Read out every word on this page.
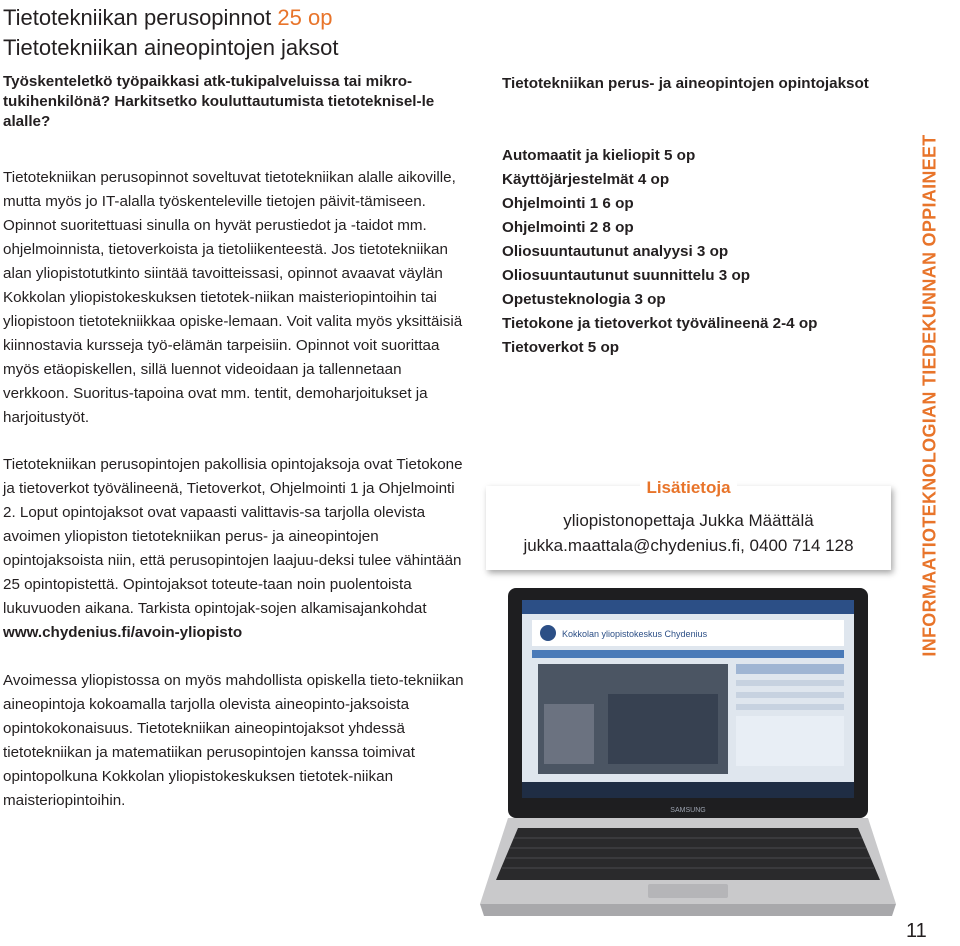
Tietotekniikan perusopinnot 25 op
Tietotekniikan aineopintojen jaksot
Työskenteletkö työpaikkasi atk-tukipalveluissa tai mikro-tukihenkilönä? Harkitsetko kouluttautumista tietoteknisel-le alalle?
Tietotekniikan perusopinnot soveltuvat tietotekniikan alalle aikoville, mutta myös jo IT-alalla työskenteleville tietojen päivit-tämiseen. Opinnot suoritettuasi sinulla on hyvät perustiedot ja -taidot mm. ohjelmoinnista, tietoverkoista ja tietoliikenteestä. Jos tietotekniikan alan yliopistotutkinto siintää tavoitteissasi, opinnot avaavat väylän Kokkolan yliopistokeskuksen tietotek-niikan maisteriopintoihin tai yliopistoon tietotekniikkaa opiske-lemaan. Voit valita myös yksittäisiä kiinnostavia kursseja työ-elämän tarpeisiin. Opinnot voit suorittaa myös etäopiskellen, sillä luennot videoidaan ja tallennetaan verkkoon. Suoritus-tapoina ovat mm. tentit, demoharjoitukset ja harjoitustyöt.
Tietotekniikan perusopintojen pakollisia opintojaksoja ovat Tietokone ja tietoverkot työvälineenä, Tietoverkot, Ohjelmointi 1 ja Ohjelmointi 2. Loput opintojaksot ovat vapaasti valittavis-sa tarjolla olevista avoimen yliopiston tietotekniikan perus- ja aineopintojen opintojaksoista niin, että perusopintojen laajuu-deksi tulee vähintään 25 opintopistettä. Opintojaksot toteute-taan noin puolentoista lukuvuoden aikana. Tarkista opintojak-sojen alkamisajankohdat www.chydenius.fi/avoin-yliopisto
Avoimessa yliopistossa on myös mahdollista opiskella tieto-tekniikan aineopintoja kokoamalla tarjolla olevista aineopinto-jaksoista opintokokonaisuus. Tietotekniikan aineopintojaksot yhdessä tietotekniikan ja matematiikan perusopintojen kanssa toimivat opintopolkuna Kokkolan yliopistokeskuksen tietotek-niikan maisteriopintoihin.
Tietotekniikan perus- ja aineopintojen opintojaksot
Automaatit ja kieliopit 5 op
Käyttöjärjestelmät 4 op
Ohjelmointi 1 6 op
Ohjelmointi 2 8 op
Oliosuuntautunut analyysi 3 op
Oliosuuntautunut suunnittelu 3 op
Opetusteknologia 3 op
Tietokone ja tietoverkot työvälineenä 2-4 op
Tietoverkot 5 op
Lisätietoja
yliopistonopettaja Jukka Määttälä
jukka.maattala@chydenius.fi, 0400 714 128	INFORMAATIOTEKNOLOGIAN TIEDEKUNNAN OPPIAINEET
Kokkolan yliopistokeskus Chydenius
SAMSUNG
11
